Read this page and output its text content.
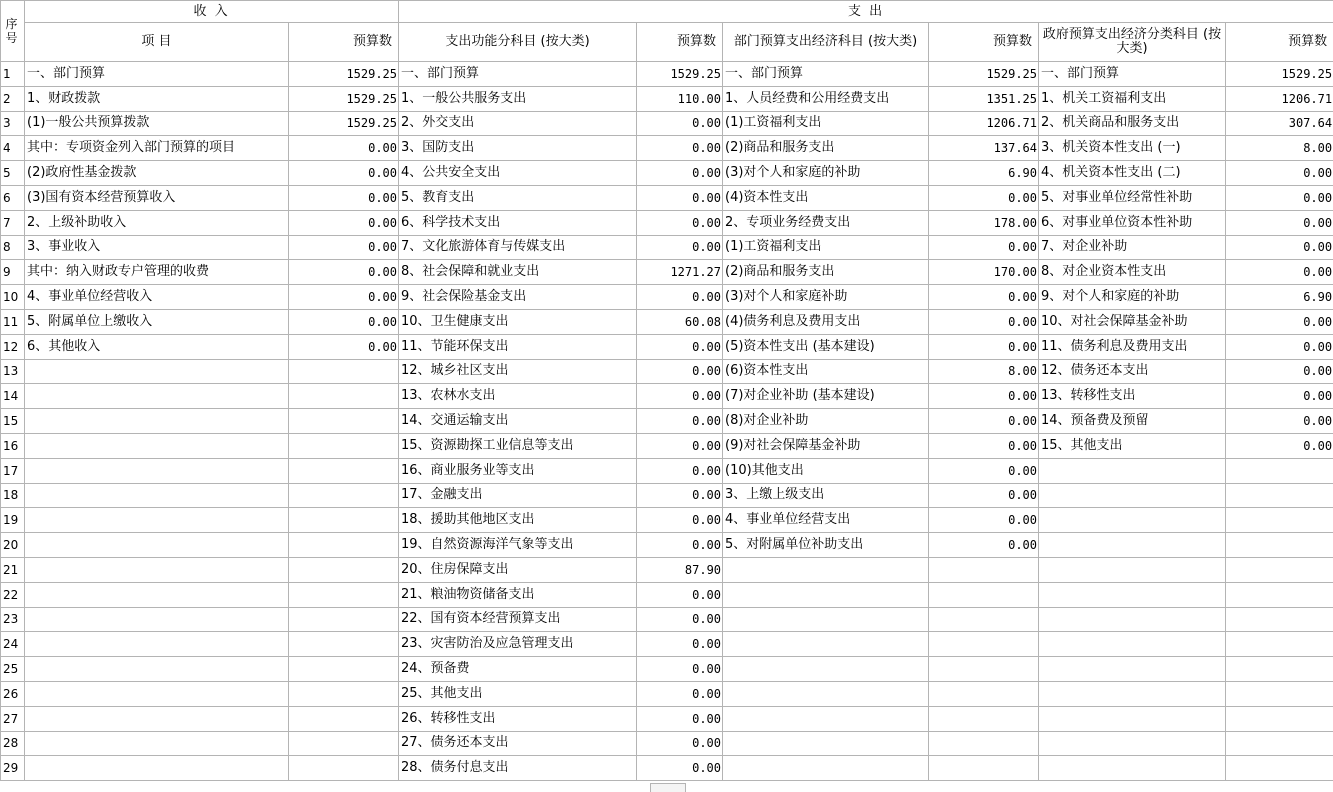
序号	收 入		支 出					
	项 目	预算数	支出功能分科目 (按大类)	预算数	部门预算支出经济科目 (按大类)	预算数	政府预算支出经济分类科目 (按大类)	预算数
1	一、部门预算	1529.25	一、部门预算	1529.25	一、部门预算	1529.25	一、部门预算	1529.25
2	1、财政拨款	1529.25	1、一般公共服务支出	110.00	1、人员经费和公用经费支出	1351.25	1、机关工资福利支出	1206.71
3	(1)一般公共预算拨款	1529.25	2、外交支出	0.00	(1)工资福利支出	1206.71	2、机关商品和服务支出	307.64
4	其中：专项资金列入部门预算的项目	0.00	3、国防支出	0.00	(2)商品和服务支出	137.64	3、机关资本性支出 (一)	8.00
5	(2)政府性基金拨款	0.00	4、公共安全支出	0.00	(3)对个人和家庭的补助	6.90	4、机关资本性支出 (二)	0.00
6	(3)国有资本经营预算收入	0.00	5、教育支出	0.00	(4)资本性支出	0.00	5、对事业单位经常性补助	0.00
7	2、上级补助收入	0.00	6、科学技术支出	0.00	2、专项业务经费支出	178.00	6、对事业单位资本性补助	0.00
8	3、事业收入	0.00	7、文化旅游体育与传媒支出	0.00	(1)工资福利支出	0.00	7、对企业补助	0.00
9	其中：纳入财政专户管理的收费	0.00	8、社会保障和就业支出	1271.27	(2)商品和服务支出	170.00	8、对企业资本性支出	0.00
10	4、事业单位经营收入	0.00	9、社会保险基金支出	0.00	(3)对个人和家庭补助	0.00	9、对个人和家庭的补助	6.90
11	5、附属单位上缴收入	0.00	10、卫生健康支出	60.08	(4)债务利息及费用支出	0.00	10、对社会保障基金补助	0.00
12	6、其他收入	0.00	11、节能环保支出	0.00	(5)资本性支出 (基本建设)	0.00	11、债务利息及费用支出	0.00
13			12、城乡社区支出	0.00	(6)资本性支出	8.00	12、债务还本支出	0.00
14			13、农林水支出	0.00	(7)对企业补助 (基本建设)	0.00	13、转移性支出	0.00
15			14、交通运输支出	0.00	(8)对企业补助	0.00	14、预备费及预留	0.00
16			15、资源勘探工业信息等支出	0.00	(9)对社会保障基金补助	0.00	15、其他支出	0.00
17			16、商业服务业等支出	0.00	(10)其他支出	0.00		
18			17、金融支出	0.00	3、上缴上级支出	0.00		
19			18、援助其他地区支出	0.00	4、事业单位经营支出	0.00		
20			19、自然资源海洋气象等支出	0.00	5、对附属单位补助支出	0.00		
21			20、住房保障支出	87.90				
22			21、粮油物资储备支出	0.00				
23			22、国有资本经营预算支出	0.00				
24			23、灾害防治及应急管理支出	0.00				
25			24、预备费	0.00				
26			25、其他支出	0.00				
27			26、转移性支出	0.00				
28			27、债务还本支出	0.00				
29			28、债务付息支出	0.00				
